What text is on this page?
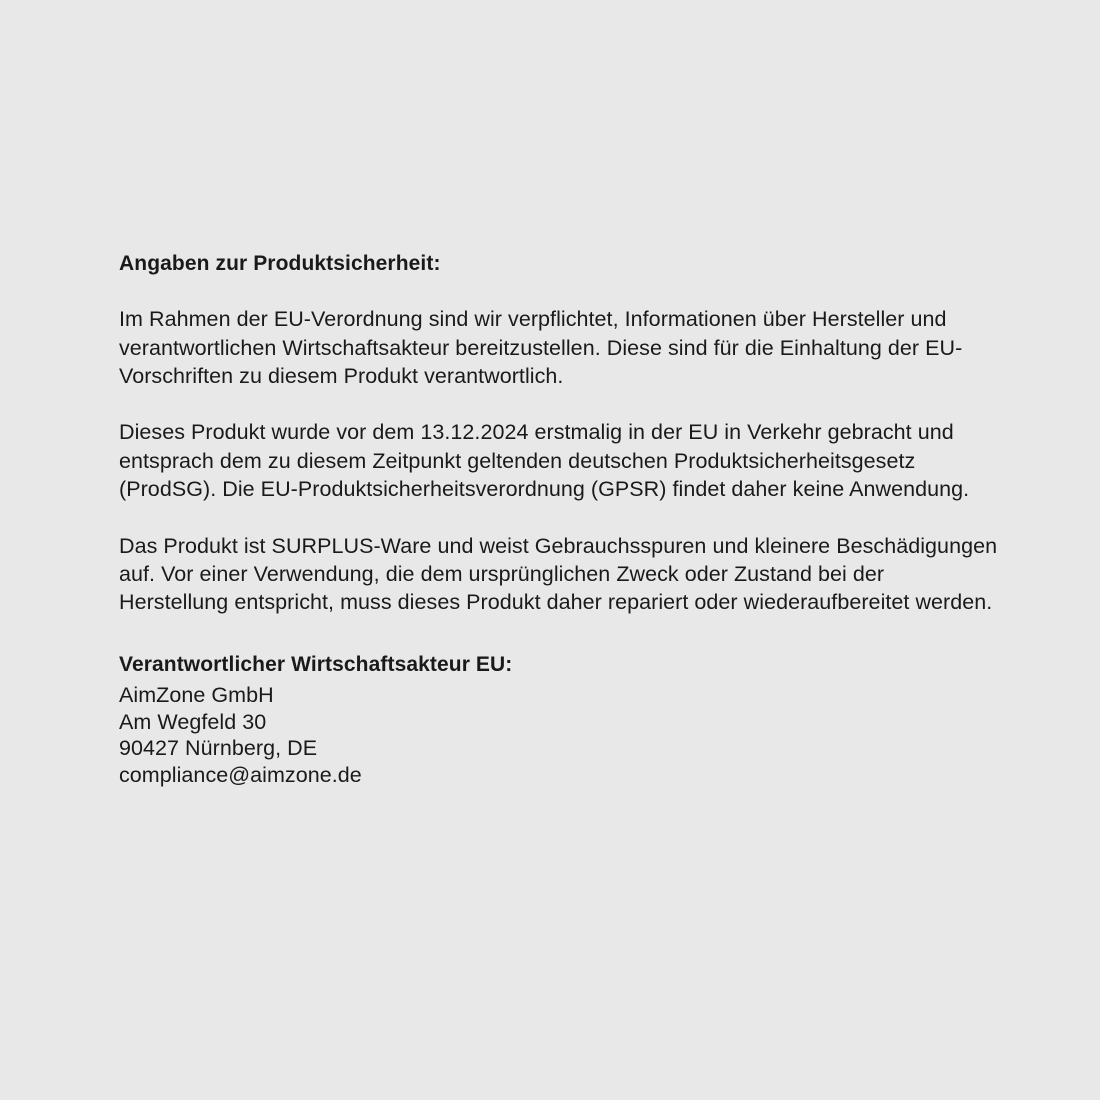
Angaben zur Produktsicherheit:

Im Rahmen der EU-Verordnung sind wir verpflichtet, Informationen über Hersteller und verantwortlichen Wirtschaftsakteur bereitzustellen. Diese sind für die Einhaltung der EU-Vorschriften zu diesem Produkt verantwortlich.

Dieses Produkt wurde vor dem 13.12.2024 erstmalig in der EU in Verkehr gebracht und entsprach dem zu diesem Zeitpunkt geltenden deutschen Produktsicherheitsgesetz (ProdSG). Die EU-Produktsicherheitsverordnung (GPSR) findet daher keine Anwendung.

Das Produkt ist SURPLUS-Ware und weist Gebrauchsspuren und kleinere Beschädigungen auf. Vor einer Verwendung, die dem ursprünglichen Zweck oder Zustand bei der Herstellung entspricht, muss dieses Produkt daher repariert oder wiederaufbereitet werden.

Verantwortlicher Wirtschaftsakteur EU:

AimZone GmbH

Am Wegfeld 30

90427 Nürnberg, DE

compliance@aimzone.de
